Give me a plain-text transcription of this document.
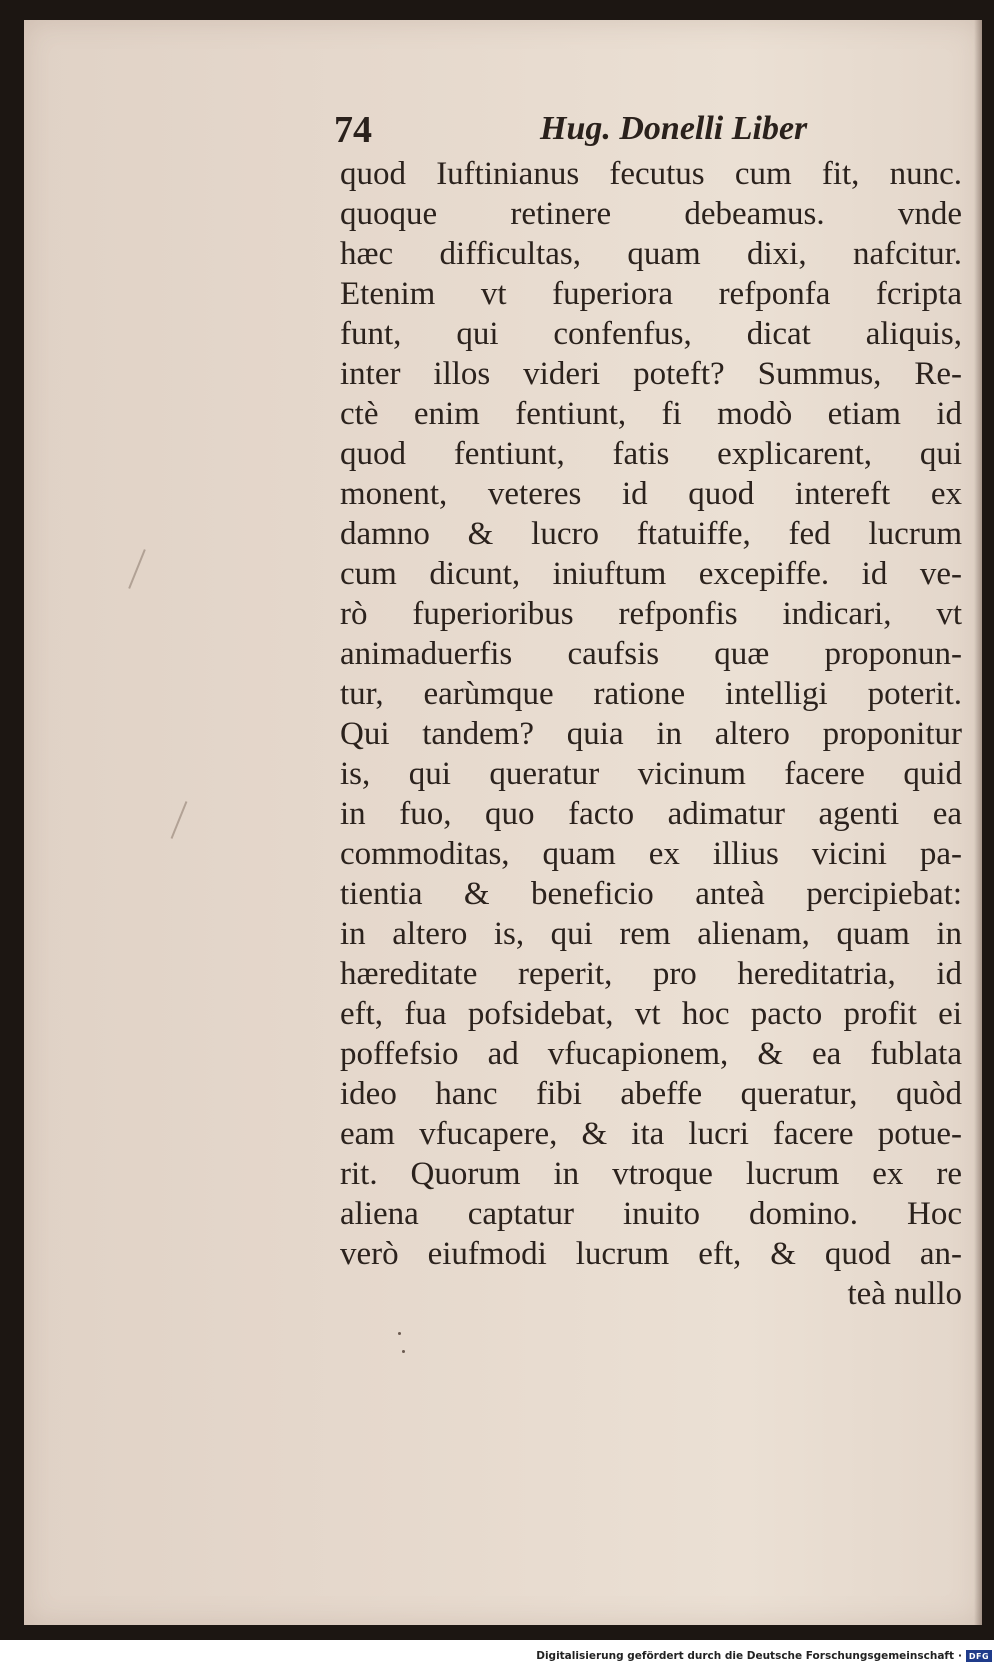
74	Hug. Donelli Liber
quod Iuftinianus fecutus cum fit, nunc.
quoque retinere debeamus. vnde
hæc difficultas, quam dixi, nafcitur.
Etenim vt fuperiora refponfa fcripta
funt, qui confenfus, dicat aliquis,
inter illos videri poteft? Summus, Re-
ctè enim fentiunt, fi modò etiam id
quod fentiunt, fatis explicarent, qui
monent, veteres id quod intereft ex
damno & lucro ftatuiffe, fed lucrum
cum dicunt, iniuftum excepiffe. id ve-
rò fuperioribus refponfis indicari, vt
animaduerfis caufsis quæ proponun-
tur, earùmque ratione intelligi poterit.
Qui tandem? quia in altero proponitur
is, qui queratur vicinum facere quid
in fuo, quo facto adimatur agenti ea
commoditas, quam ex illius vicini pa-
tientia & beneficio anteà percipiebat:
in altero is, qui rem alienam, quam in
hæreditate reperit, pro hereditatria, id
eft, fua pofsidebat, vt hoc pacto profit ei
poffefsio ad vfucapionem, & ea fublata
ideo hanc fibi abeffe queratur, quòd
eam vfucapere, & ita lucri facere potue-
rit. Quorum in vtroque lucrum ex re
aliena captatur inuito domino. Hoc
verò eiufmodi lucrum eft, & quod an-
teà nullo
Digitalisierung gefördert durch die Deutsche Forschungsgemeinschaft · DFG
